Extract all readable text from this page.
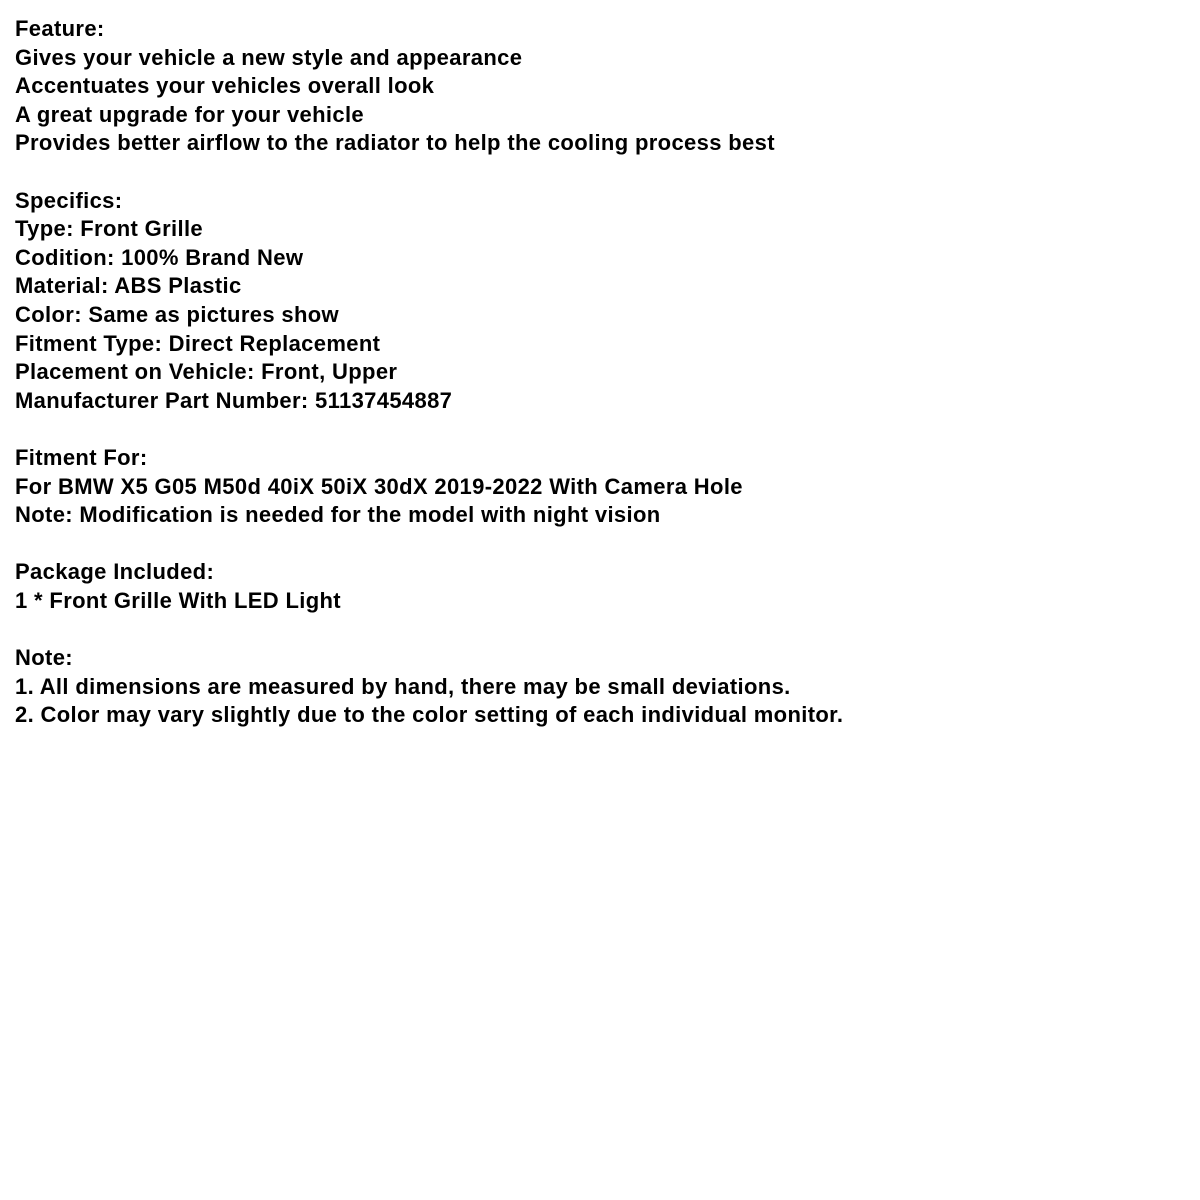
Feature:

Gives your vehicle a new style and appearance

Accentuates your vehicles overall look

A great upgrade for your vehicle

Provides better airflow to the radiator to help the cooling process best

Specifics:

Type: Front Grille

Codition: 100% Brand New

Material: ABS Plastic

Color: Same as pictures show

Fitment Type: Direct Replacement

Placement on Vehicle: Front, Upper

Manufacturer Part Number: 51137454887

Fitment For:

For BMW X5 G05 M50d 40iX 50iX 30dX 2019-2022 With Camera Hole

Note: Modification is needed for the model with night vision

Package Included:

1 * Front Grille With LED Light

Note:

1. All dimensions are measured by hand, there may be small deviations.

2. Color may vary slightly due to the color setting of each individual monitor.
